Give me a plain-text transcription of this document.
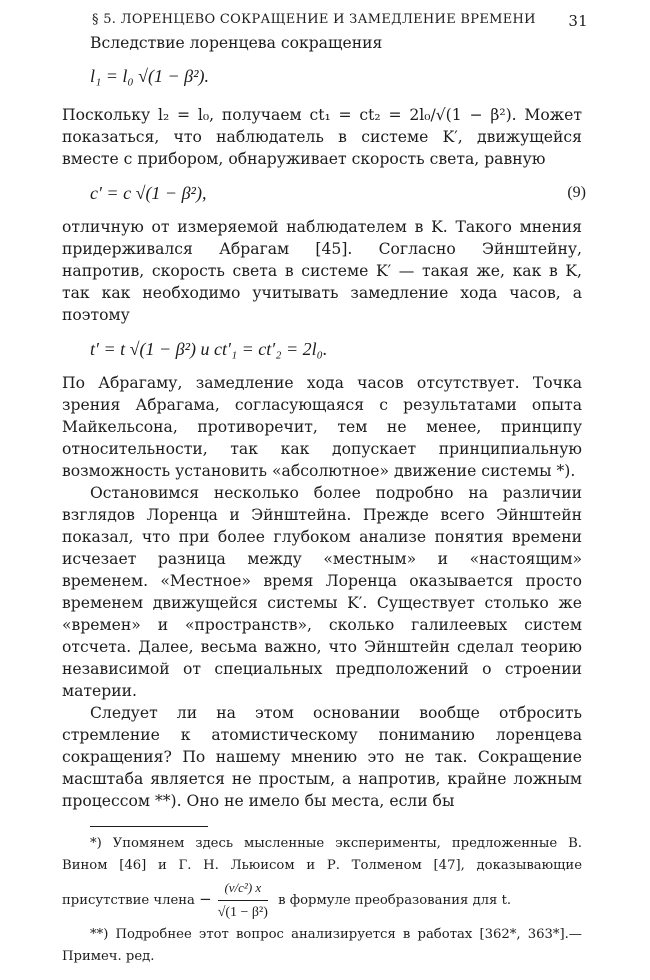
§ 5. ЛОРЕНЦЕВО СОКРАЩЕНИЕ И ЗАМЕДЛЕНИЕ ВРЕМЕНИ 31

Вследствие лоренцева сокращения

l₁ = l₀ √(1 − β²).

Поскольку l₂ = l₀, получаем ct₁ = ct₂ = 2l₀/√(1 − β²). Может показаться, что наблюдатель в системе K′, движущейся вместе с прибором, обнаруживает скорость света, равную

c′ = c √(1 − β²),	(9)

отличную от измеряемой наблюдателем в K. Такого мнения придерживался Абрагам [45]. Согласно Эйнштейну, напротив, скорость света в системе K′ — такая же, как в K, так как необходимо учитывать замедление хода часов, а поэтому

t′ = t √(1 − β²) и ct′₁ = ct′₂ = 2l₀.

По Абрагаму, замедление хода часов отсутствует. Точка зрения Абрагама, согласующаяся с результатами опыта Майкельсона, противоречит, тем не менее, принципу относительности, так как допускает принципиальную возможность установить «абсолютное» движение системы *).

Остановимся несколько более подробно на различии взглядов Лоренца и Эйнштейна. Прежде всего Эйнштейн показал, что при более глубоком анализе понятия времени исчезает разница между «местным» и «настоящим» временем. «Местное» время Лоренца оказывается просто временем движущейся системы K′. Существует столько же «времен» и «пространств», сколько галилеевых систем отсчета. Далее, весьма важно, что Эйнштейн сделал теорию независимой от специальных предположений о строении материи.

Следует ли на этом основании вообще отбросить стремление к атомистическому пониманию лоренцева сокращения? По нашему мнению это не так. Сокращение масштаба является не простым, а напротив, крайне ложным процессом **). Оно не имело бы места, если бы

*) Упомянем здесь мысленные эксперименты, предложенные В. Вином [46] и Г. Н. Льюисом и Р. Толменом [47], доказывающие присутствие члена − $\frac{\text{(v/c²) x}}{\text{√(1 − β²)}}$ в формуле преобразования для t.

**) Подробнее этот вопрос анализируется в работах [362*, 363*].— Примеч. ред.
